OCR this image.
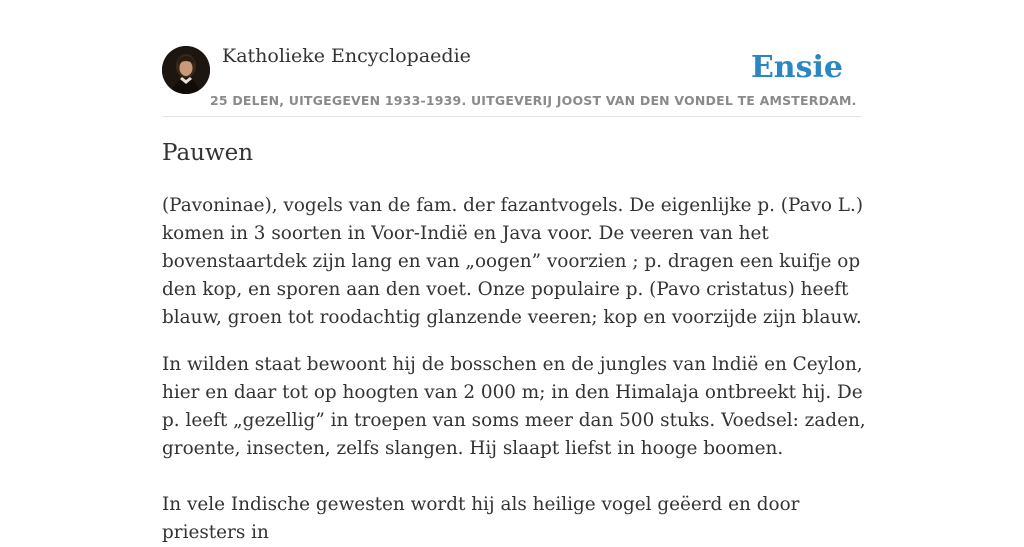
Katholieke Encyclopaedie
25 DELEN, UITGEGEVEN 1933-1939. UITGEVERIJ JOOST VAN DEN VONDEL TE AMSTERDAM.
Ensie
Pauwen

(Pavoninae), vogels van de fam. der fazantvogels. De eigenlijke p. (Pavo L.) komen in 3 soorten in Voor-Indië en Java voor. De veeren van het bovenstaartdek zijn lang en van „oogen” voorzien ; p. dragen een kuifje op den kop, en sporen aan den voet. Onze populaire p. (Pavo cristatus) heeft blauw, groen tot roodachtig glanzende veeren; kop en voorzijde zijn blauw.

In wilden staat bewoont hij de bosschen en de jungles van lndië en Ceylon, hier en daar tot op hoogten van 2 000 m; in den Himalaja ontbreekt hij. De p. leeft „gezellig” in troepen van soms meer dan 500 stuks. Voedsel: zaden, groente, insecten, zelfs slangen. Hij slaapt liefst in hooge boomen.

In vele Indische gewesten wordt hij als heilige vogel geëerd en door priesters in
